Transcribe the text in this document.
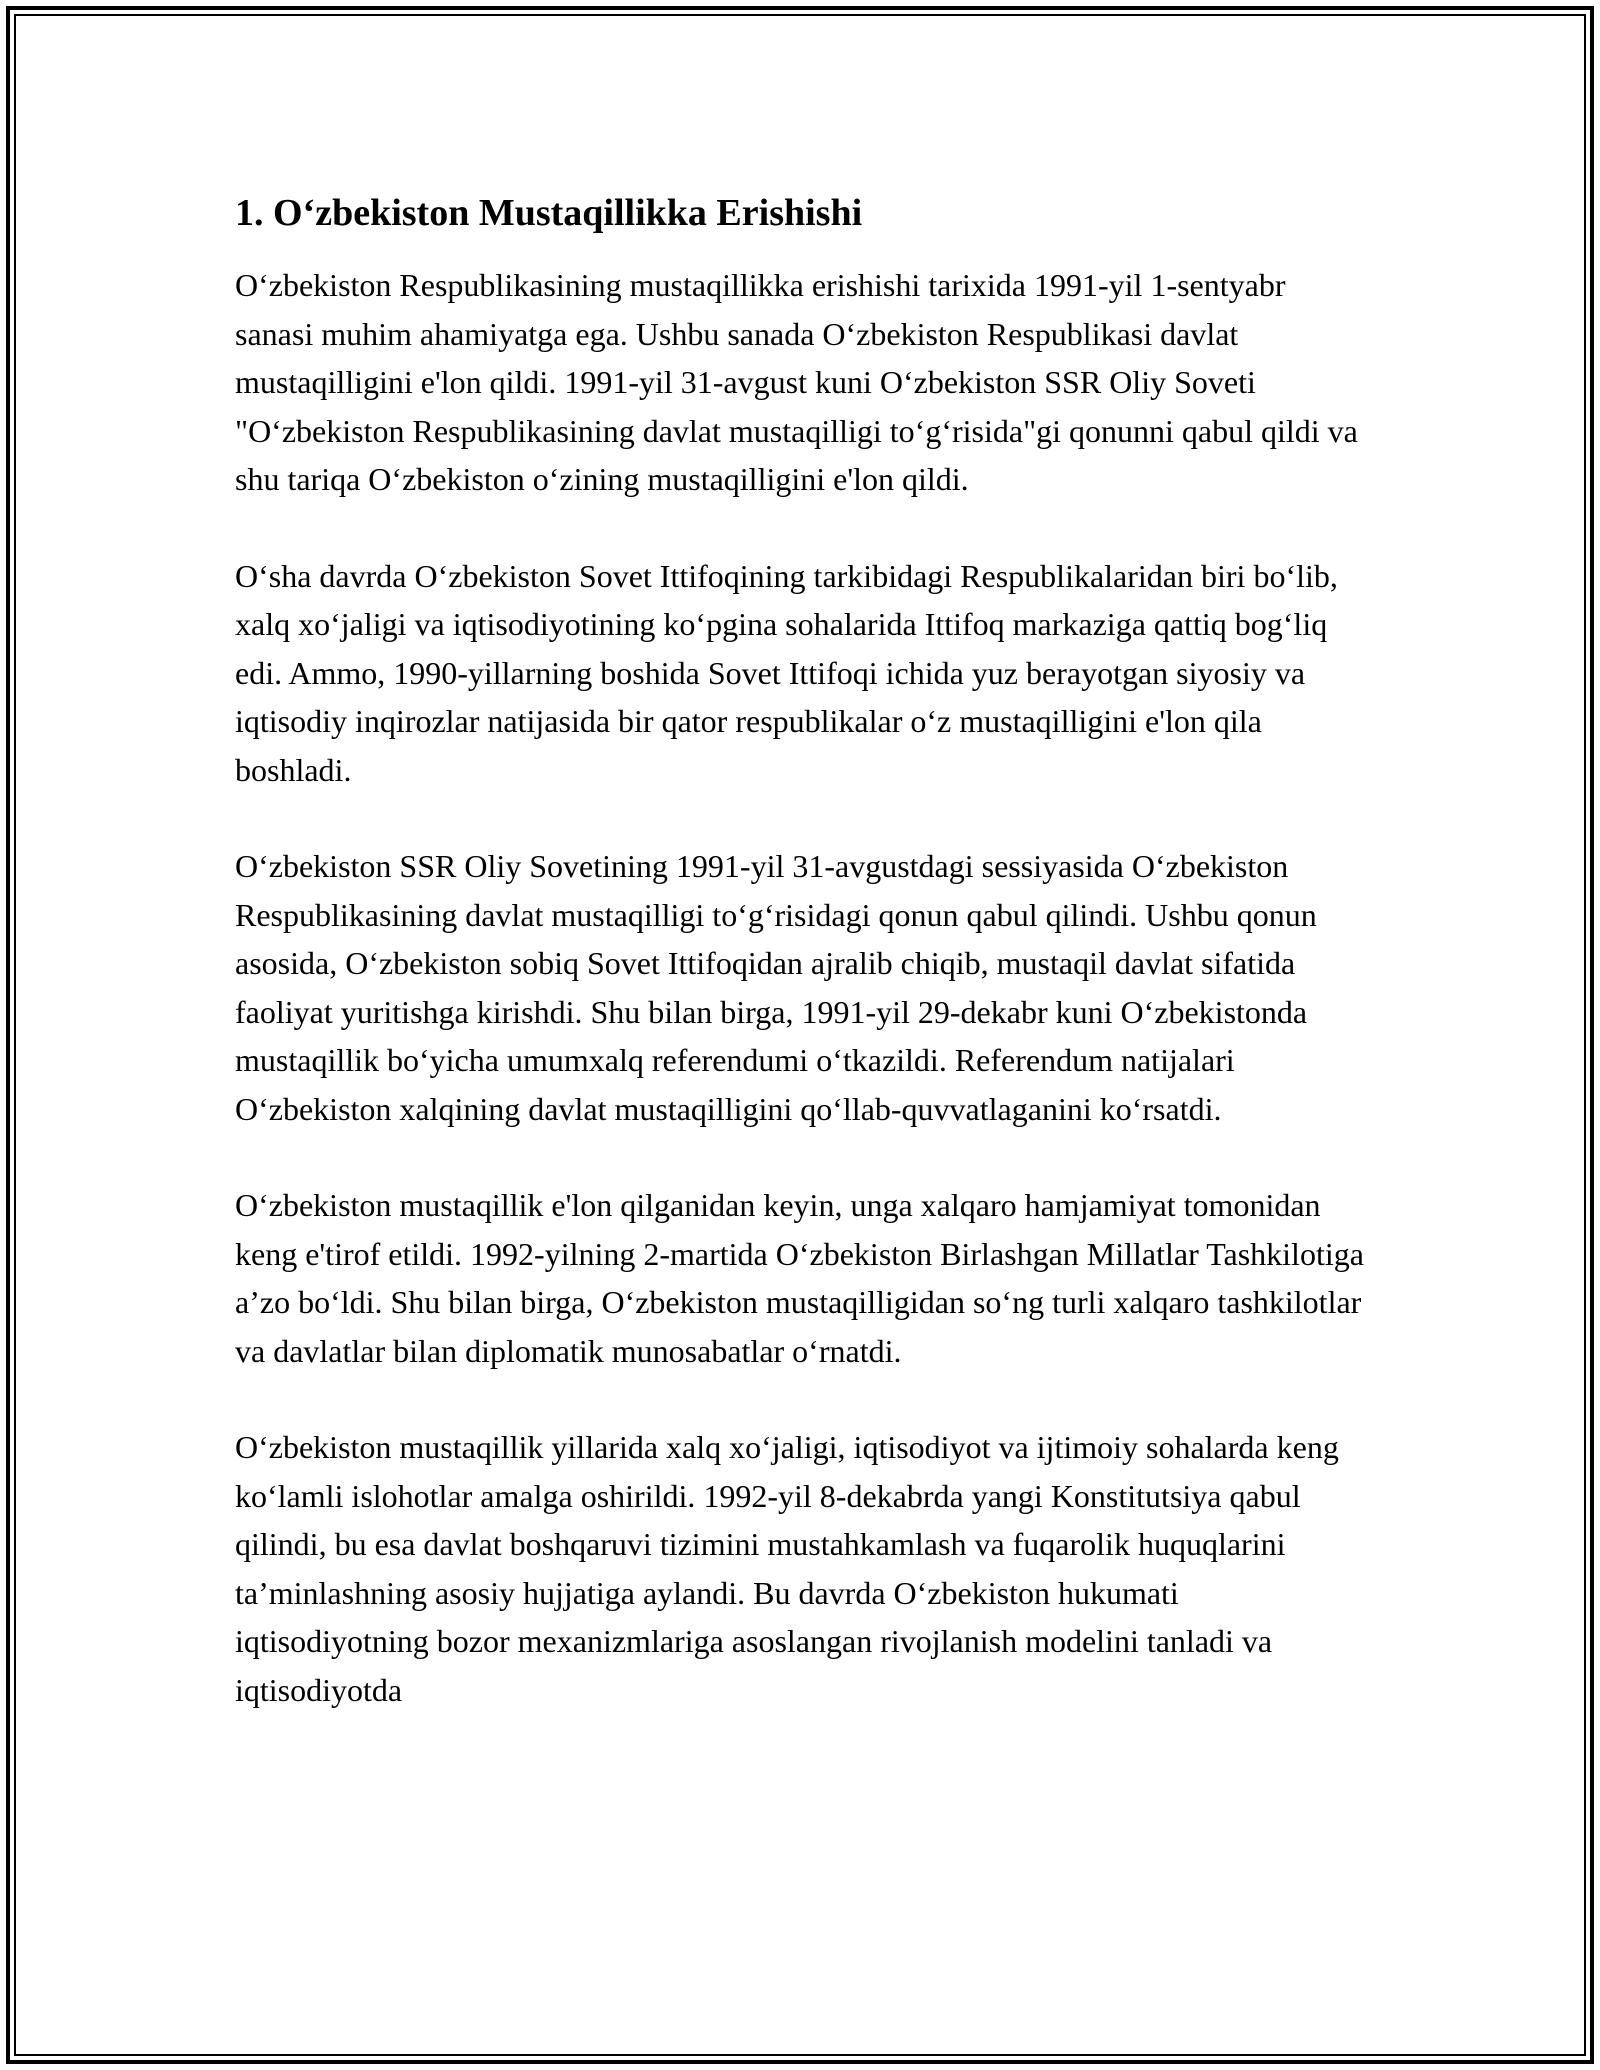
1. O‘zbekiston Mustaqillikka Erishishi

O‘zbekiston Respublikasining mustaqillikka erishishi tarixida 1991-yil 1-sentyabr sanasi muhim ahamiyatga ega. Ushbu sanada O‘zbekiston Respublikasi davlat mustaqilligini e'lon qildi. 1991-yil 31-avgust kuni O‘zbekiston SSR Oliy Soveti "O‘zbekiston Respublikasining davlat mustaqilligi to‘g‘risida"gi qonunni qabul qildi va shu tariqa O‘zbekiston o‘zining mustaqilligini e'lon qildi.

O‘sha davrda O‘zbekiston Sovet Ittifoqining tarkibidagi Respublikalaridan biri bo‘lib, xalq xo‘jaligi va iqtisodiyotining ko‘pgina sohalarida Ittifoq markaziga qattiq bog‘liq edi. Ammo, 1990-yillarning boshida Sovet Ittifoqi ichida yuz berayotgan siyosiy va iqtisodiy inqirozlar natijasida bir qator respublikalar o‘z mustaqilligini e'lon qila boshladi.

O‘zbekiston SSR Oliy Sovetining 1991-yil 31-avgustdagi sessiyasida O‘zbekiston Respublikasining davlat mustaqilligi to‘g‘risidagi qonun qabul qilindi. Ushbu qonun asosida, O‘zbekiston sobiq Sovet Ittifoqidan ajralib chiqib, mustaqil davlat sifatida faoliyat yuritishga kirishdi. Shu bilan birga, 1991-yil 29-dekabr kuni O‘zbekistonda mustaqillik bo‘yicha umumxalq referendumi o‘tkazildi. Referendum natijalari O‘zbekiston xalqining davlat mustaqilligini qo‘llab-quvvatlaganini ko‘rsatdi.

O‘zbekiston mustaqillik e'lon qilganidan keyin, unga xalqaro hamjamiyat tomonidan keng e'tirof etildi. 1992-yilning 2-martida O‘zbekiston Birlashgan Millatlar Tashkilotiga a’zo bo‘ldi. Shu bilan birga, O‘zbekiston mustaqilligidan so‘ng turli xalqaro tashkilotlar va davlatlar bilan diplomatik munosabatlar o‘rnatdi.

O‘zbekiston mustaqillik yillarida xalq xo‘jaligi, iqtisodiyot va ijtimoiy sohalarda keng ko‘lamli islohotlar amalga oshirildi. 1992-yil 8-dekabrda yangi Konstitutsiya qabul qilindi, bu esa davlat boshqaruvi tizimini mustahkamlash va fuqarolik huquqlarini ta’minlashning asosiy hujjatiga aylandi. Bu davrda O‘zbekiston hukumati iqtisodiyotning bozor mexanizmlariga asoslangan rivojlanish modelini tanladi va iqtisodiyotda
